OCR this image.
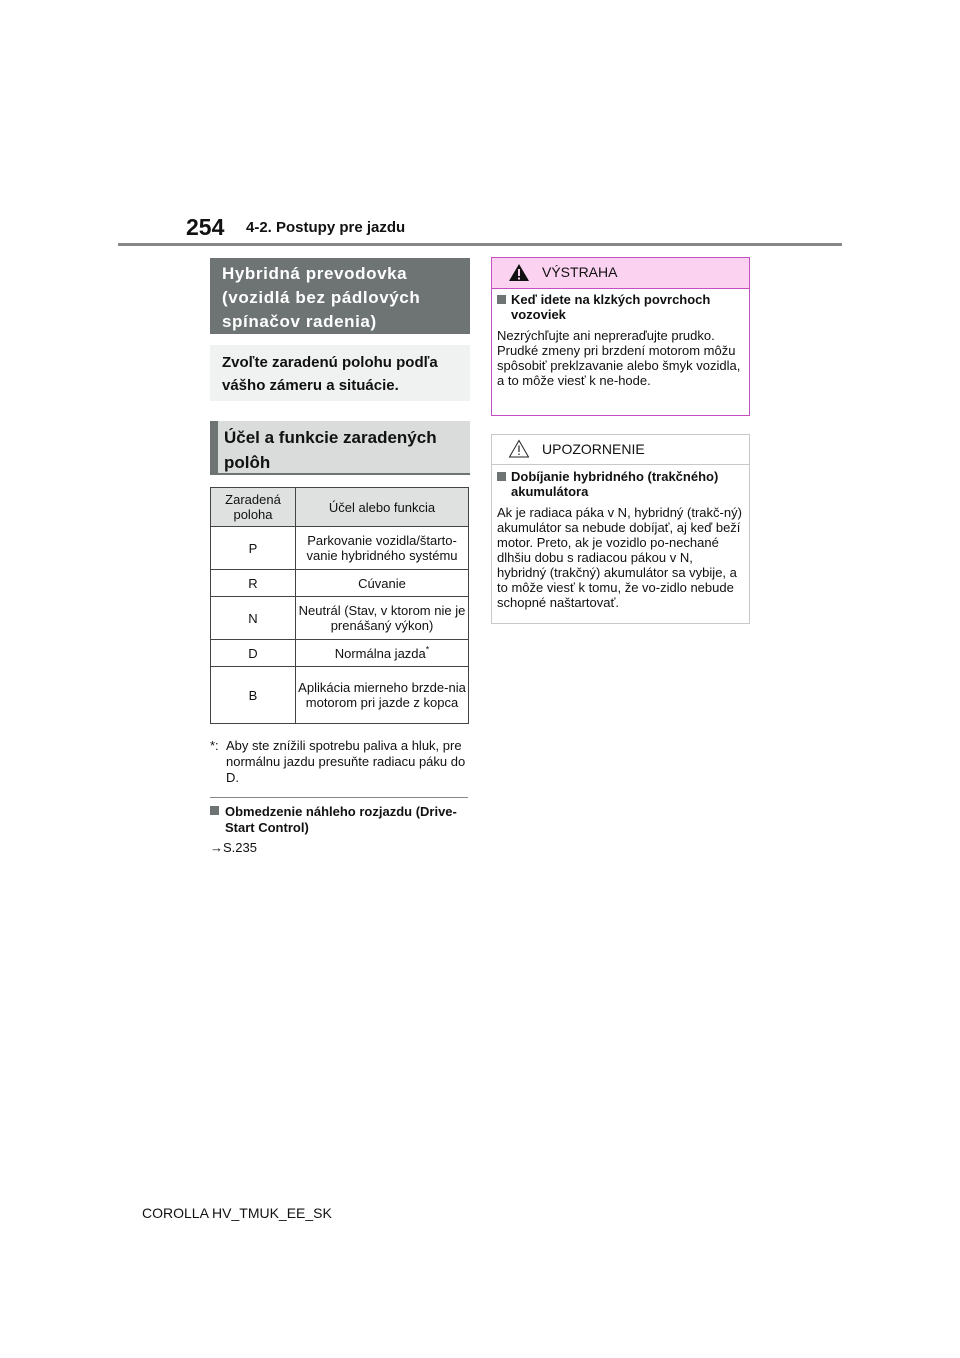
254 4-2. Postupy pre jazdu
Hybridná prevodovka (vozidlá bez pádlových spínačov radenia)
Zvoľte zaradenú polohu podľa vášho zámeru a situácie.
Účel a funkcie zaradených polôh
Zaradená poloha	Účel alebo funkcia
P	Parkovanie vozidla/štarto-vanie hybridného systému
R	Cúvanie
N	Neutrál (Stav, v ktorom nie je prenášaný výkon)
D	Normálna jazda*
B	Aplikácia mierneho brzde-nia motorom pri jazde z kopca
*: Aby ste znížili spotrebu paliva a hluk, pre normálnu jazdu presuňte radiacu páku do D.
Obmedzenie náhleho rozjazdu (Drive-Start Control)
→S.235
VÝSTRAHA
Keď idete na klzkých povrchoch vozoviek
Nezrýchľujte ani nepreraďujte prudko. Prudké zmeny pri brzdení motorom môžu spôsobiť preklzavanie alebo šmyk vozidla, a to môže viesť k ne-hode.
UPOZORNENIE
Dobíjanie hybridného (trakčného) akumulátora
Ak je radiaca páka v N, hybridný (trakč-ný) akumulátor sa nebude dobíjať, aj keď beží motor. Preto, ak je vozidlo po-nechané dlhšiu dobu s radiacou pákou v N, hybridný (trakčný) akumulátor sa vybije, a to môže viesť k tomu, že vo-zidlo nebude schopné naštartovať.
COROLLA HV_TMUK_EE_SK
